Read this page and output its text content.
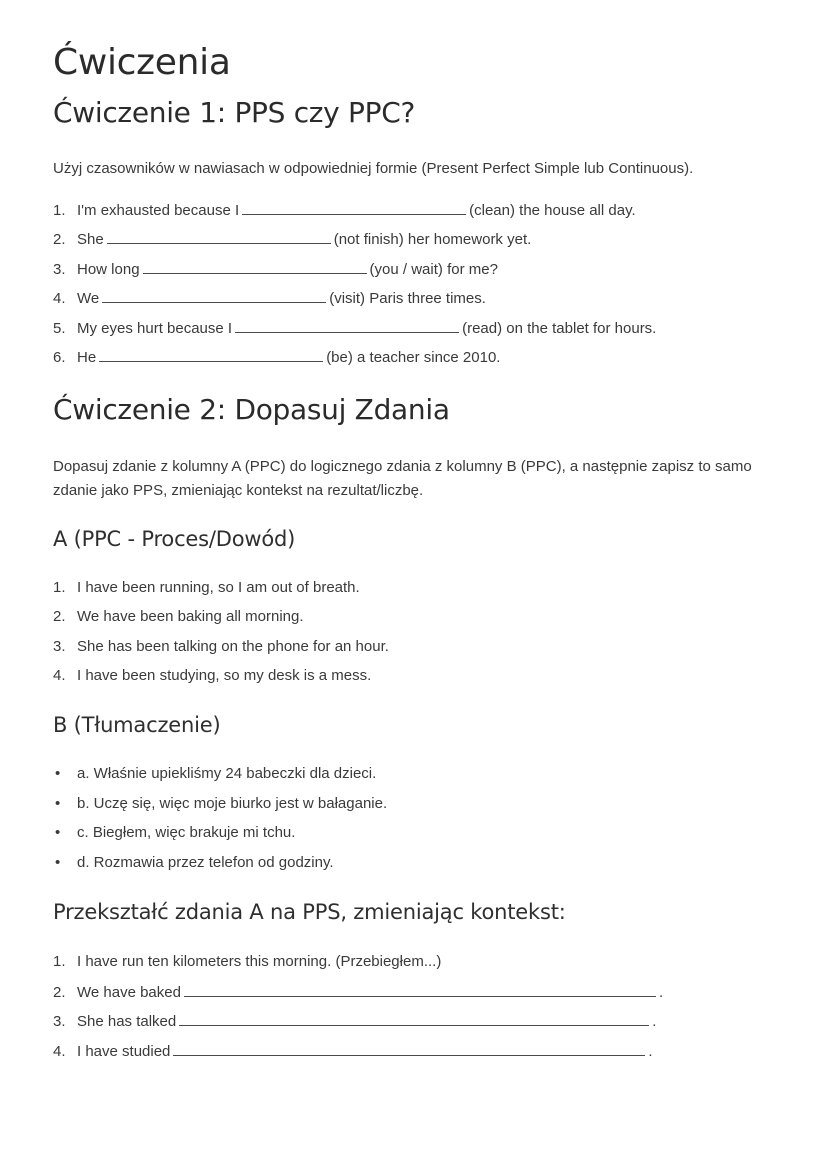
Ćwiczenia
Ćwiczenie 1: PPS czy PPC?

Użyj czasowników w nawiasach w odpowiedniej formie (Present Perfect Simple lub Continuous).

1. I'm exhausted because I	(clean) the house all day.
2. She	(not finish) her homework yet.
3. How long	(you / wait) for me?
4. We	(visit) Paris three times.
5. My eyes hurt because I	(read) on the tablet for hours.
6. He	(be) a teacher since 2010.
Ćwiczenie 2: Dopasuj Zdania

Dopasuj zdanie z kolumny A (PPC) do logicznego zdania z kolumny B (PPC), a następnie zapisz to samo

zdanie jako PPS, zmieniając kontekst na rezultat/liczbę.

A (PPC - Proces/Dowód)
1. I have been running, so I am out of breath.
2. We have been baking all morning.
3. She has been talking on the phone for an hour.
4. I have been studying, so my desk is a mess.
B (Tłumaczenie)
• a. Właśnie upiekliśmy 24 babeczki dla dzieci.
• b. Uczę się, więc moje biurko jest w bałaganie.
• c. Biegłem, więc brakuje mi tchu.
• d. Rozmawia przez telefon od godziny.
Przekształć zdania A na PPS, zmieniając kontekst:
1. I have run ten kilometers this morning. (Przebiegłem...)
2. We have baked	.
3. She has talked	.
4. I have studied	.
